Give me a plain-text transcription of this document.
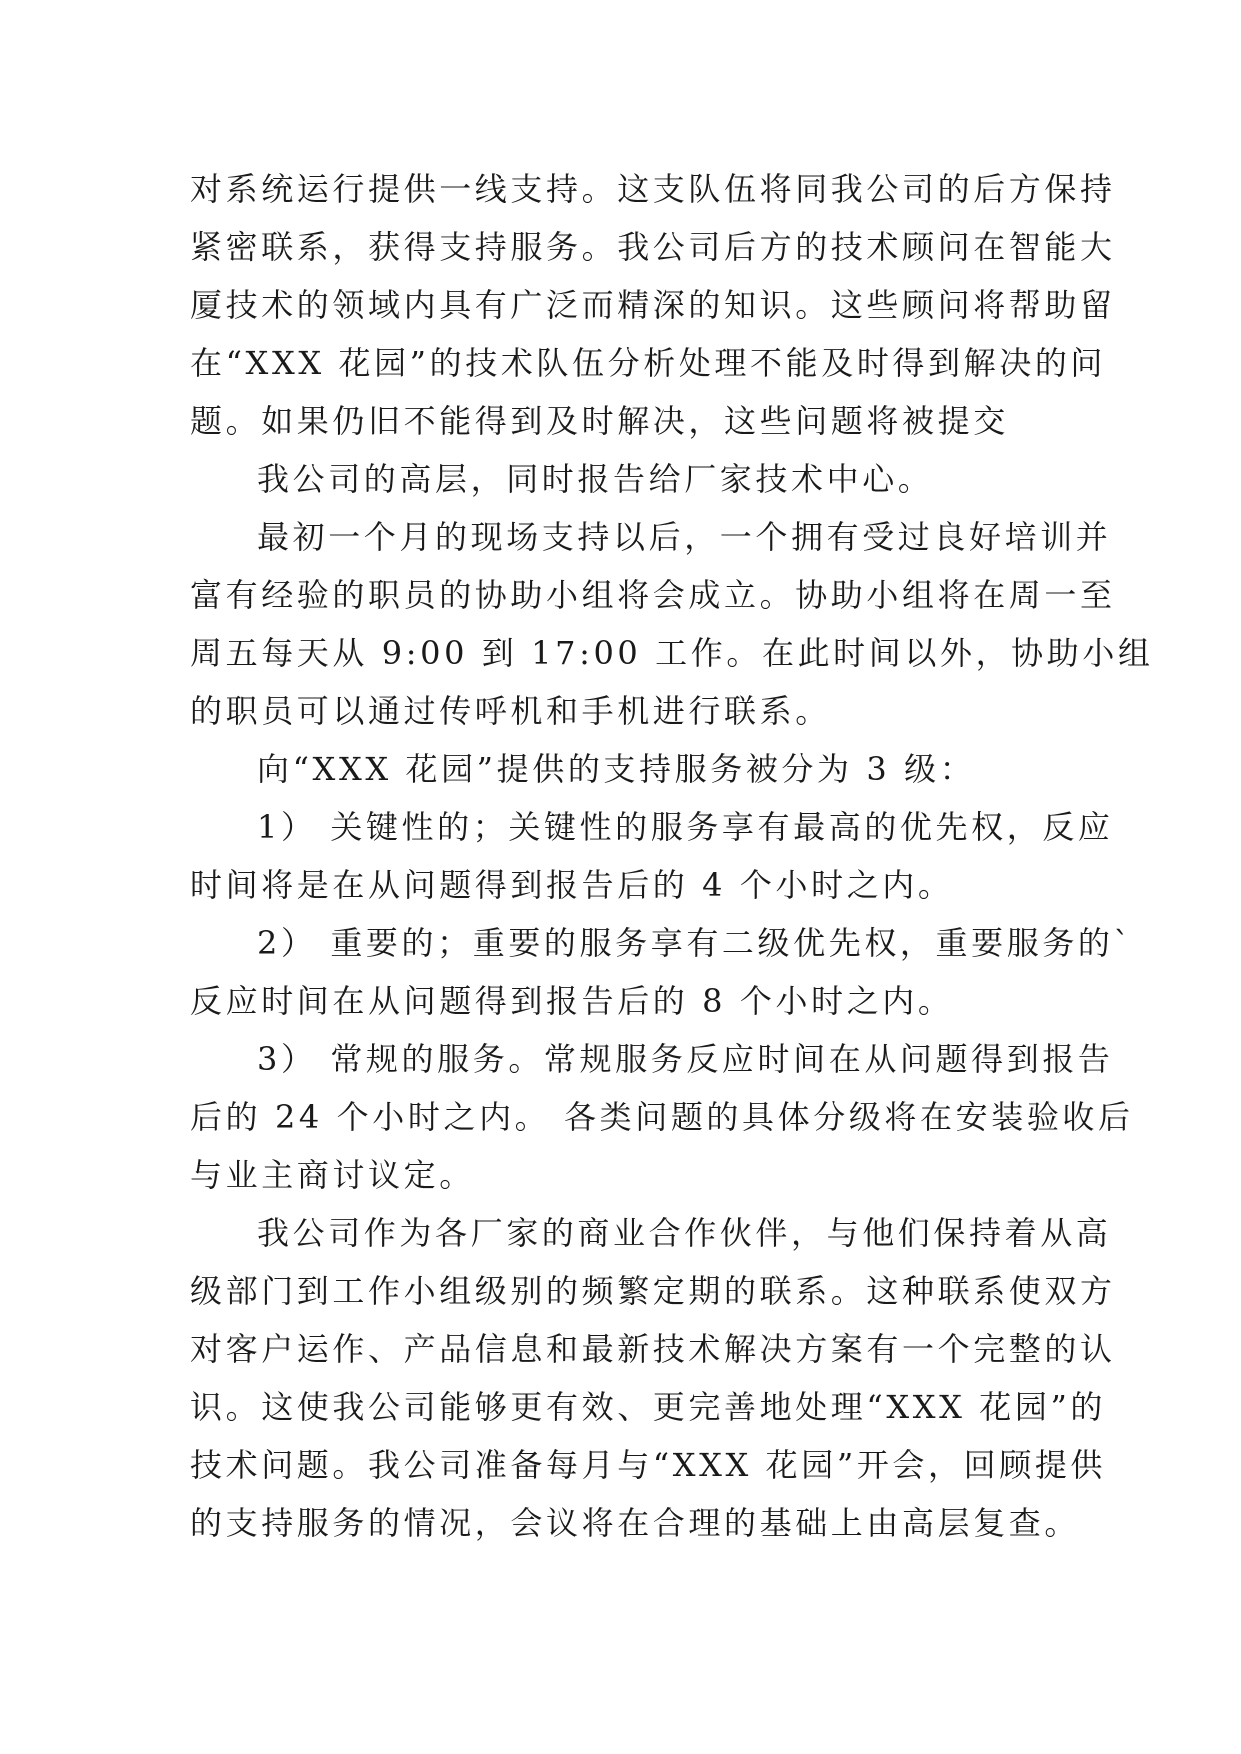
对系统运行提供一线支持。这支队伍将同我公司的后方保持
紧密联系，获得支持服务。我公司后方的技术顾问在智能大
厦技术的领域内具有广泛而精深的知识。这些顾问将帮助留
在“XXX 花园”的技术队伍分析处理不能及时得到解决的问
题。如果仍旧不能得到及时解决，这些问题将被提交
我公司的高层，同时报告给厂家技术中心。
最初一个月的现场支持以后，一个拥有受过良好培训并
富有经验的职员的协助小组将会成立。协助小组将在周一至
周五每天从 9:00 到 17:00 工作。在此时间以外，协助小组
的职员可以通过传呼机和手机进行联系。
向“XXX 花园”提供的支持服务被分为 3 级：
1） 关键性的；关键性的服务享有最高的优先权，反应
时间将是在从问题得到报告后的 4 个小时之内。
2） 重要的；重要的服务享有二级优先权，重要服务的`
反应时间在从问题得到报告后的 8 个小时之内。
3） 常规的服务。常规服务反应时间在从问题得到报告
后的 24 个小时之内。 各类问题的具体分级将在安装验收后
与业主商讨议定。
我公司作为各厂家的商业合作伙伴，与他们保持着从高
级部门到工作小组级别的频繁定期的联系。这种联系使双方
对客户运作、产品信息和最新技术解决方案有一个完整的认
识。这使我公司能够更有效、更完善地处理“XXX 花园”的
技术问题。我公司准备每月与“XXX 花园”开会，回顾提供
的支持服务的情况，会议将在合理的基础上由高层复查。
